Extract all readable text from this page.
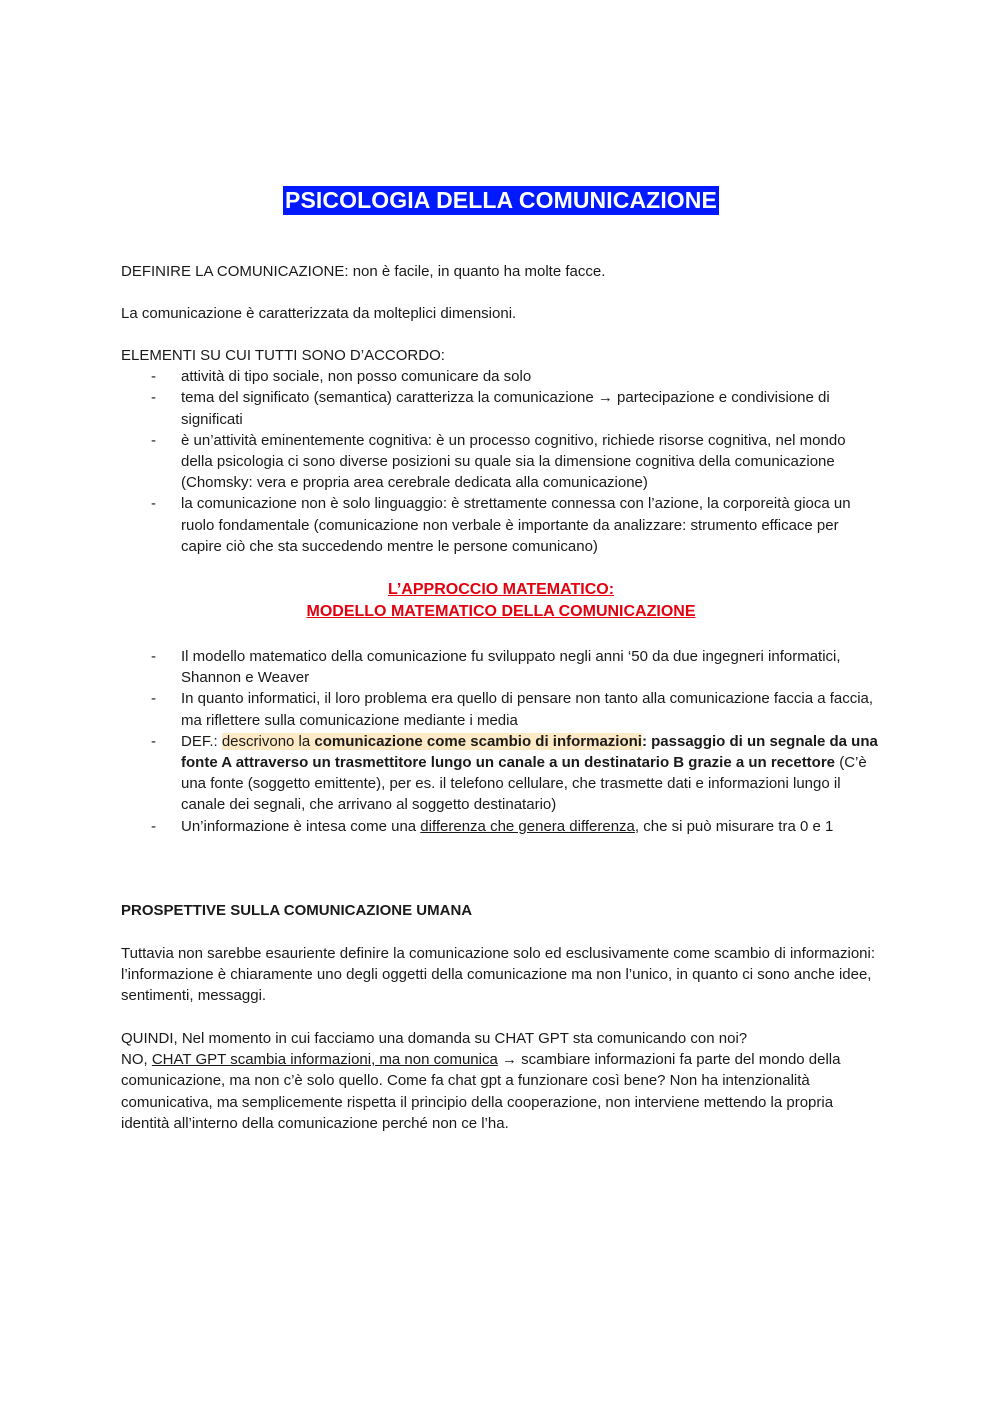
PSICOLOGIA DELLA COMUNICAZIONE

DEFINIRE LA COMUNICAZIONE: non è facile, in quanto ha molte facce.

La comunicazione è caratterizzata da molteplici dimensioni.

ELEMENTI SU CUI TUTTI SONO D’ACCORDO:

- attività di tipo sociale, non posso comunicare da solo
- tema del significato (semantica) caratterizza la comunicazione → partecipazione e condivisione di significati
- è un’attività eminentemente cognitiva: è un processo cognitivo, richiede risorse cognitiva, nel mondo della psicologia ci sono diverse posizioni su quale sia la dimensione cognitiva della comunicazione (Chomsky: vera e propria area cerebrale dedicata alla comunicazione)
- la comunicazione non è solo linguaggio: è strettamente connessa con l’azione, la corporeità gioca un ruolo fondamentale (comunicazione non verbale è importante da analizzare: strumento efficace per capire ciò che sta succedendo mentre le persone comunicano)
L’APPROCCIO MATEMATICO:
MODELLO MATEMATICO DELLA COMUNICAZIONE
- Il modello matematico della comunicazione fu sviluppato negli anni ‘50 da due ingegneri informatici, Shannon e Weaver
- In quanto informatici, il loro problema era quello di pensare non tanto alla comunicazione faccia a faccia, ma riflettere sulla comunicazione mediante i media
- DEF.: descrivono la comunicazione come scambio di informazioni: passaggio di un segnale da una fonte A attraverso un trasmettitore lungo un canale a un destinatario B grazie a un recettore (C’è una fonte (soggetto emittente), per es. il telefono cellulare, che trasmette dati e informazioni lungo il canale dei segnali, che arrivano al soggetto destinatario)
- Un’informazione è intesa come una differenza che genera differenza, che si può misurare tra 0 e 1

PROSPETTIVE SULLA COMUNICAZIONE UMANA

Tuttavia non sarebbe esauriente definire la comunicazione solo ed esclusivamente come scambio di informazioni: l’informazione è chiaramente uno degli oggetti della comunicazione ma non l’unico, in quanto ci sono anche idee, sentimenti, messaggi.

QUINDI, Nel momento in cui facciamo una domanda su CHAT GPT sta comunicando con noi?

NO, CHAT GPT scambia informazioni, ma non comunica → scambiare informazioni fa parte del mondo della comunicazione, ma non c’è solo quello. Come fa chat gpt a funzionare così bene? Non ha intenzionalità comunicativa, ma semplicemente rispetta il principio della cooperazione, non interviene mettendo la propria identità all’interno della comunicazione perché non ce l’ha.
